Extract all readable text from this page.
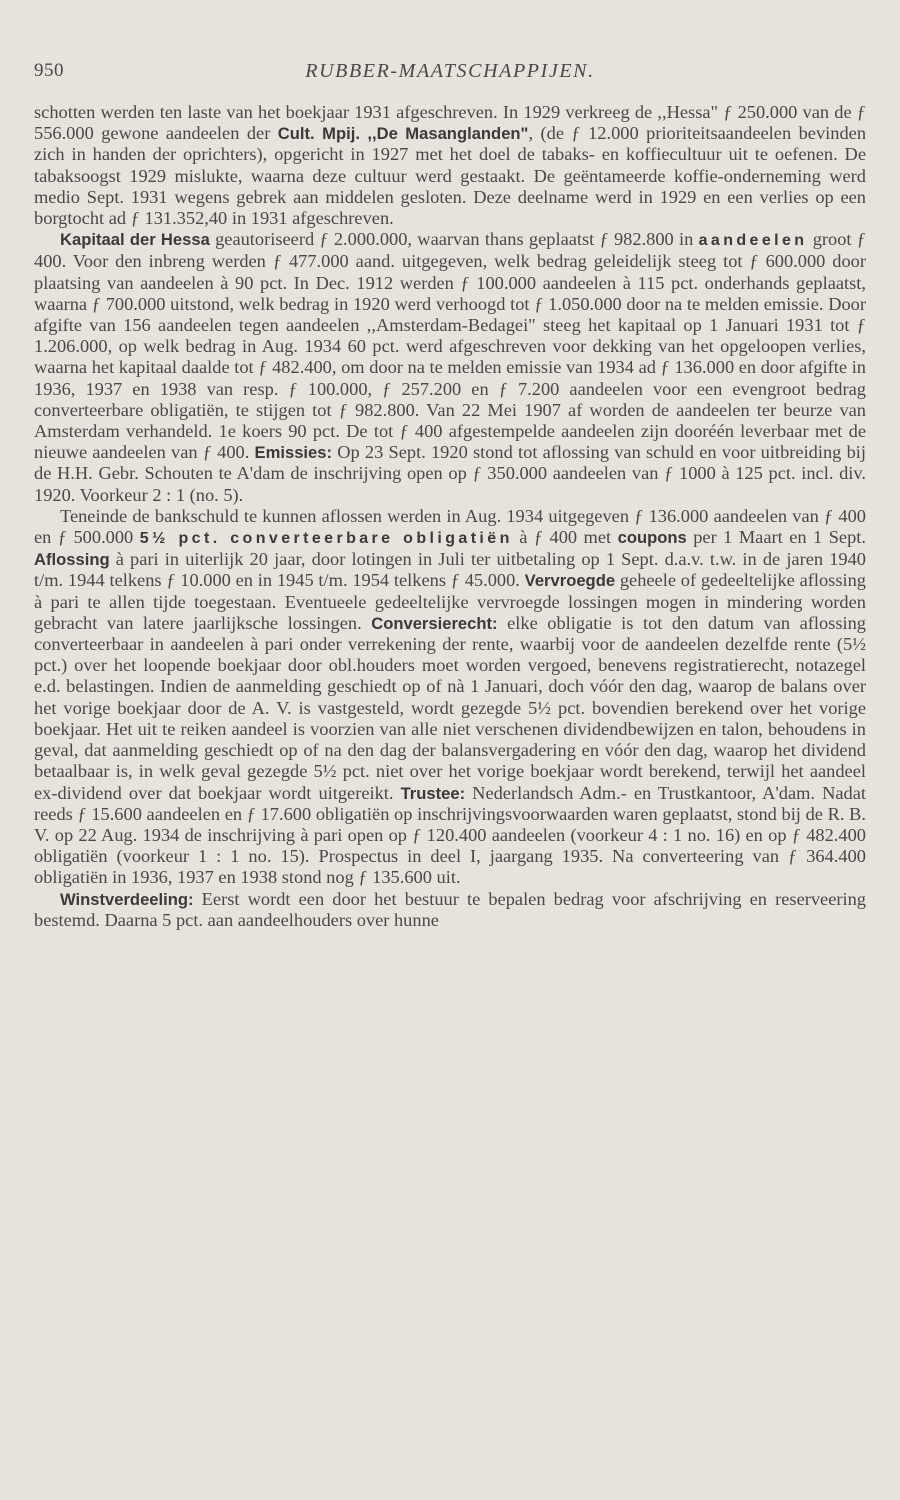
950	RUBBER-MAATSCHAPPIJEN.

schotten werden ten laste van het boekjaar 1931 afgeschreven. In 1929 verkreeg de ,,Hessa" ƒ 250.000 van de ƒ 556.000 gewone aandeelen der Cult. Mpij. ,,De Masanglanden", (de ƒ 12.000 prioriteitsaandeelen bevinden zich in handen der oprichters), opgericht in 1927 met het doel de tabaks- en koffiecultuur uit te oefenen. De tabaksoogst 1929 mislukte, waarna deze cultuur werd gestaakt. De geëntameerde koffie-onderneming werd medio Sept. 1931 wegens gebrek aan middelen gesloten. Deze deelname werd in 1929 en een verlies op een borgtocht ad ƒ 131.352,40 in 1931 afgeschreven.

Kapitaal der Hessa geautoriseerd ƒ 2.000.000, waarvan thans geplaatst ƒ 982.800 in aandeelen groot ƒ 400. Voor den inbreng werden ƒ 477.000 aand. uitgegeven, welk bedrag geleidelijk steeg tot ƒ 600.000 door plaatsing van aandeelen à 90 pct. In Dec. 1912 werden ƒ 100.000 aandeelen à 115 pct. onderhands geplaatst, waarna ƒ 700.000 uitstond, welk bedrag in 1920 werd verhoogd tot ƒ 1.050.000 door na te melden emissie. Door afgifte van 156 aandeelen tegen aandeelen ,,Amsterdam-Bedagei" steeg het kapitaal op 1 Januari 1931 tot ƒ 1.206.000, op welk bedrag in Aug. 1934 60 pct. werd afgeschreven voor dekking van het opgeloopen verlies, waarna het kapitaal daalde tot ƒ 482.400, om door na te melden emissie van 1934 ad ƒ 136.000 en door afgifte in 1936, 1937 en 1938 van resp. ƒ 100.000, ƒ 257.200 en ƒ 7.200 aandeelen voor een evengroot bedrag converteerbare obligatiën, te stijgen tot ƒ 982.800. Van 22 Mei 1907 af worden de aandeelen ter beurze van Amsterdam verhandeld. 1e koers 90 pct. De tot ƒ 400 afgestempelde aandeelen zijn dooréén leverbaar met de nieuwe aandeelen van ƒ 400. Emissies: Op 23 Sept. 1920 stond tot aflossing van schuld en voor uitbreiding bij de H.H. Gebr. Schouten te A'dam de inschrijving open op ƒ 350.000 aandeelen van ƒ 1000 à 125 pct. incl. div. 1920. Voorkeur 2 : 1 (no. 5).

Teneinde de bankschuld te kunnen aflossen werden in Aug. 1934 uitgegeven ƒ 136.000 aandeelen van ƒ 400 en ƒ 500.000 5½ pct. converteerbare obligatiën à ƒ 400 met coupons per 1 Maart en 1 Sept. Aflossing à pari in uiterlijk 20 jaar, door lotingen in Juli ter uitbetaling op 1 Sept. d.a.v. t.w. in de jaren 1940 t/m. 1944 telkens ƒ 10.000 en in 1945 t/m. 1954 telkens ƒ 45.000. Vervroegde geheele of gedeeltelijke aflossing à pari te allen tijde toegestaan. Eventueele gedeeltelijke vervroegde lossingen mogen in mindering worden gebracht van latere jaarlijksche lossingen. Conversierecht: elke obligatie is tot den datum van aflossing converteerbaar in aandeelen à pari onder verrekening der rente, waarbij voor de aandeelen dezelfde rente (5½ pct.) over het loopende boekjaar door obl.houders moet worden vergoed, benevens registratierecht, notazegel e.d. belastingen. Indien de aanmelding geschiedt op of nà 1 Januari, doch vóór den dag, waarop de balans over het vorige boekjaar door de A. V. is vastgesteld, wordt gezegde 5½ pct. bovendien berekend over het vorige boekjaar. Het uit te reiken aandeel is voorzien van alle niet verschenen dividendbewijzen en talon, behoudens in geval, dat aanmelding geschiedt op of na den dag der balansvergadering en vóór den dag, waarop het dividend betaalbaar is, in welk geval gezegde 5½ pct. niet over het vorige boekjaar wordt berekend, terwijl het aandeel ex-dividend over dat boekjaar wordt uitgereikt. Trustee: Nederlandsch Adm.- en Trustkantoor, A'dam. Nadat reeds ƒ 15.600 aandeelen en ƒ 17.600 obligatiën op inschrijvingsvoorwaarden waren geplaatst, stond bij de R. B. V. op 22 Aug. 1934 de inschrijving à pari open op ƒ 120.400 aandeelen (voorkeur 4 : 1 no. 16) en op ƒ 482.400 obligatiën (voorkeur 1 : 1 no. 15). Prospectus in deel I, jaargang 1935. Na converteering van ƒ 364.400 obligatiën in 1936, 1937 en 1938 stond nog ƒ 135.600 uit.

Winstverdeeling: Eerst wordt een door het bestuur te bepalen bedrag voor afschrijving en reserveering bestemd. Daarna 5 pct. aan aandeelhouders over hunne
